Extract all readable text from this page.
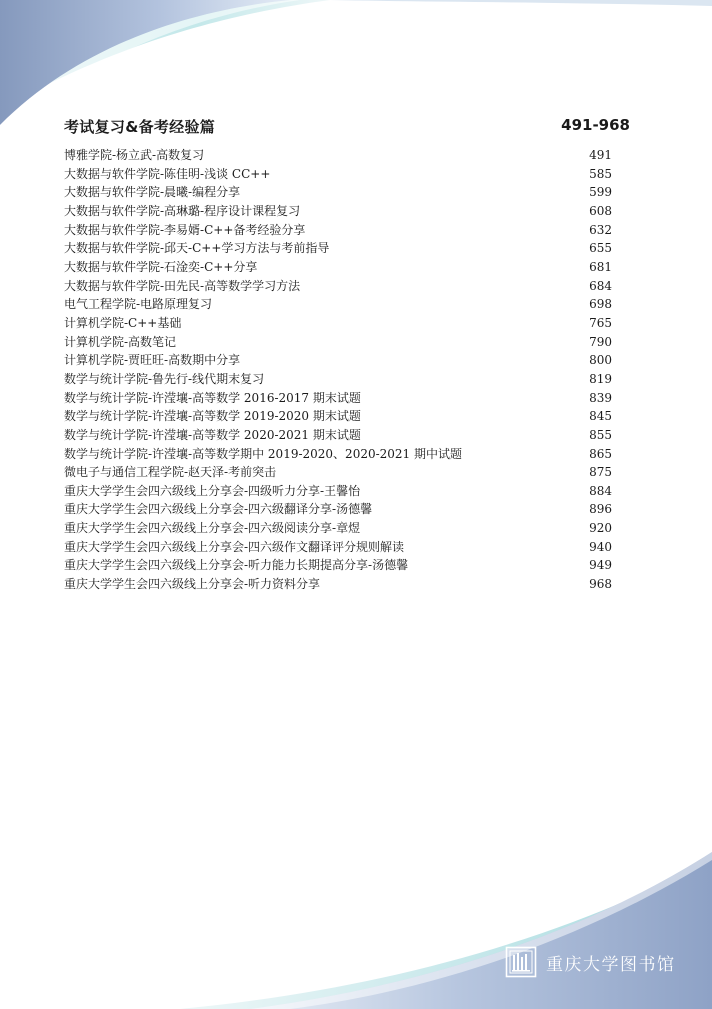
考试复习&备考经验篇	491-968
博雅学院-杨立武-高数复习	491
大数据与软件学院-陈佳明-浅谈 CC++	585
大数据与软件学院-晨曦-编程分享	599
大数据与软件学院-高琳璐-程序设计课程复习	608
大数据与软件学院-李易婿-C++备考经验分享	632
大数据与软件学院-邱天-C++学习方法与考前指导	655
大数据与软件学院-石淦奕-C++分享	681
大数据与软件学院-田先民-高等数学学习方法	684
电气工程学院-电路原理复习	698
计算机学院-C++基础	765
计算机学院-高数笔记	790
计算机学院-贾旺旺-高数期中分享	800
数学与统计学院-鲁先行-线代期末复习	819
数学与统计学院-许滢壤-高等数学 2016-2017 期末试题	839
数学与统计学院-许滢壤-高等数学 2019-2020 期末试题	845
数学与统计学院-许滢壤-高等数学 2020-2021 期末试题	855
数学与统计学院-许滢壤-高等数学期中 2019-2020、2020-2021 期中试题	865
微电子与通信工程学院-赵天泽-考前突击	875
重庆大学学生会四六级线上分享会-四级听力分享-王馨怡	884
重庆大学学生会四六级线上分享会-四六级翻译分享-汤德馨	896
重庆大学学生会四六级线上分享会-四六级阅读分享-章煜	920
重庆大学学生会四六级线上分享会-四六级作文翻译评分规则解读	940
重庆大学学生会四六级线上分享会-听力能力长期提高分享-汤德馨	949
重庆大学学生会四六级线上分享会-听力资料分享	968
重庆大学图书馆
